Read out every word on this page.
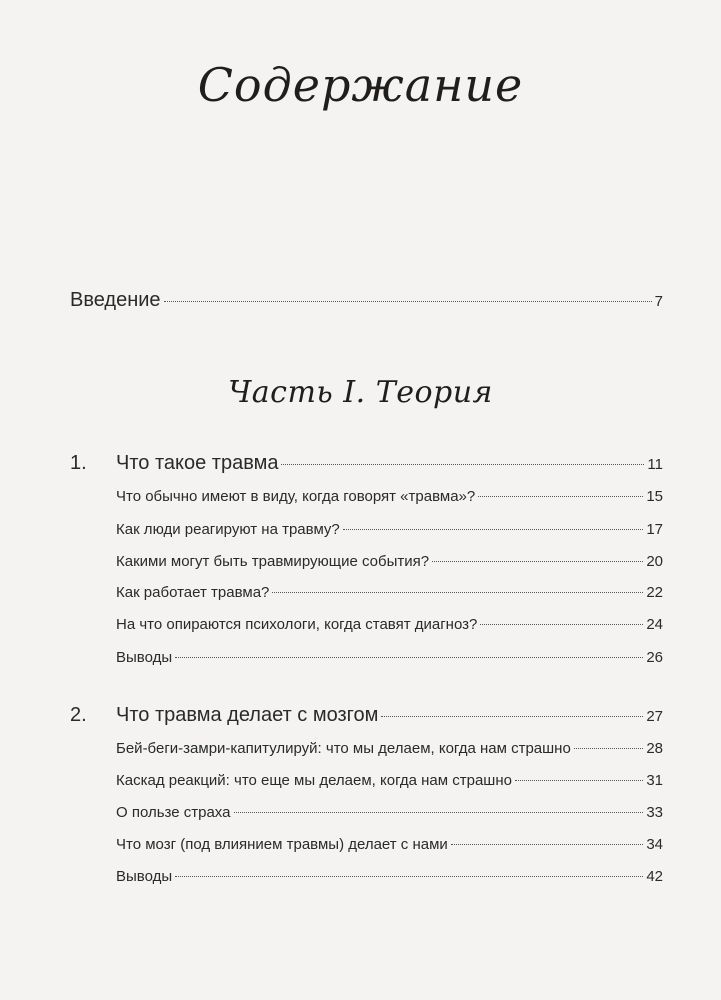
Содержание
Введение	7
Часть I. Теория
1.	Что такое травма	11
Что обычно имеют в виду, когда говорят «травма»?	15
Как люди реагируют на травму?	17
Какими могут быть травмирующие события?	20
Как работает травма?	22
На что опираются психологи, когда ставят диагноз?	24
Выводы	26
2.	Что травма делает с мозгом	27
Бей-беги-замри-капитулируй: что мы делаем, когда нам страшно	28
Каскад реакций: что еще мы делаем, когда нам страшно	31
О пользе страха	33
Что мозг (под влиянием травмы) делает с нами	34
Выводы	42
